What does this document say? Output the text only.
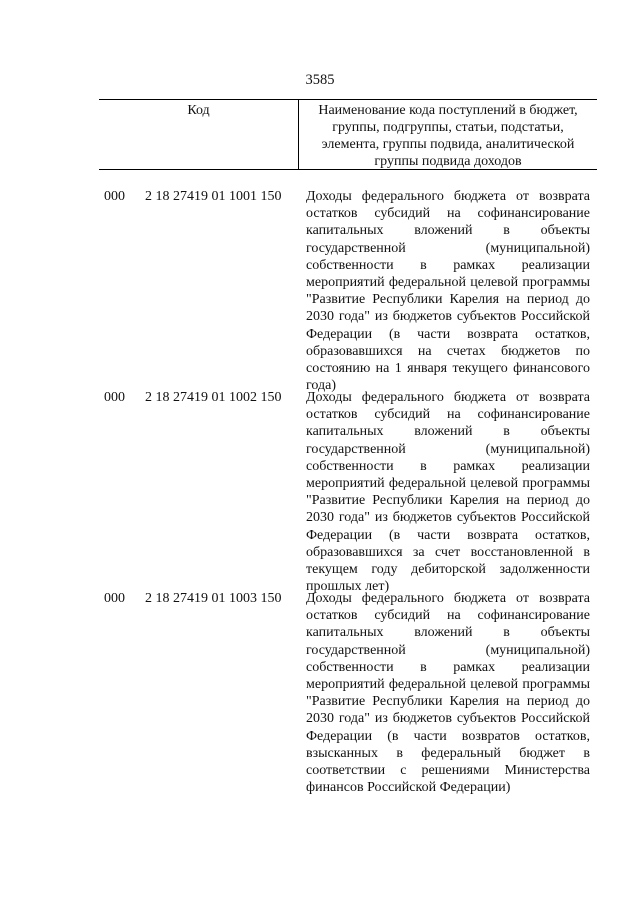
3585
Код	Наименование кода поступлений в бюджет, группы, подгруппы, статьи, подстатьи, элемента, группы подвида, аналитической группы подвида доходов
000 2 18 27419 01 1001 150 Доходы федерального бюджета от возврата остатков субсидий на софинансирование капитальных вложений в объекты государственной (муниципальной) собственности в рамках реализации мероприятий федеральной целевой программы "Развитие Республики Карелия на период до 2030 года" из бюджетов субъектов Российской Федерации (в части возврата остатков, образовавшихся на счетах бюджетов по состоянию на 1 января текущего финансового года)
000 2 18 27419 01 1002 150 Доходы федерального бюджета от возврата остатков субсидий на софинансирование капитальных вложений в объекты государственной (муниципальной) собственности в рамках реализации мероприятий федеральной целевой программы "Развитие Республики Карелия на период до 2030 года" из бюджетов субъектов Российской Федерации (в части возврата остатков, образовавшихся за счет восстановленной в текущем году дебиторской задолженности прошлых лет)
000 2 18 27419 01 1003 150 Доходы федерального бюджета от возврата остатков субсидий на софинансирование капитальных вложений в объекты государственной (муниципальной) собственности в рамках реализации мероприятий федеральной целевой программы "Развитие Республики Карелия на период до 2030 года" из бюджетов субъектов Российской Федерации (в части возвратов остатков, взысканных в федеральный бюджет в соответствии с решениями Министерства финансов Российской Федерации)
